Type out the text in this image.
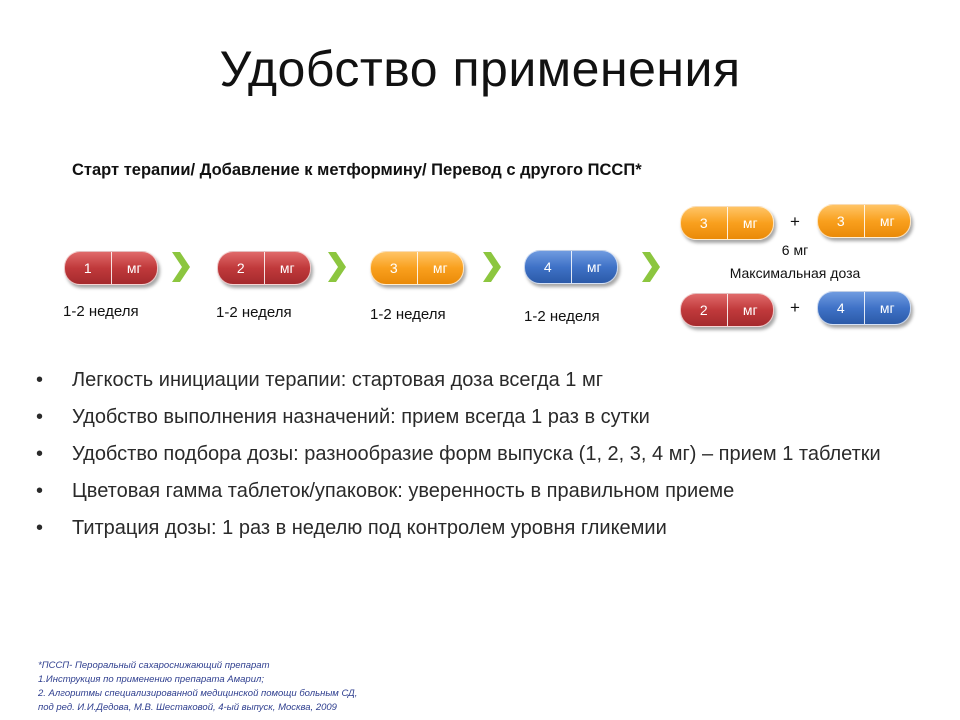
Удобство применения
Старт терапии/ Добавление к метформину/ Перевод с другого ПССП*
1	мг
1-2 неделя
2	мг
1-2 неделя
3	мг
1-2 неделя
4	мг
1-2 неделя
3	мг	+	3	мг
6 мг
Максимальная доза
2	мг	+	4	мг
• Легкость инициации терапии: стартовая доза всегда 1 мг
• Удобство выполнения назначений: прием всегда 1 раз в сутки
• Удобство подбора дозы: разнообразие форм выпуска (1, 2, 3, 4 мг) – прием 1 таблетки
• Цветовая гамма таблеток/упаковок: уверенность в правильном приеме
• Титрация дозы: 1 раз в неделю под контролем уровня гликемии
*ПССП- Пероральный сахароснижающий препарат
1.Инструкция по применению препарата Амарил;
2. Алгоритмы специализированной медицинской помощи больным СД,
под ред. И.И.Дедова, М.В. Шестаковой, 4-ый выпуск, Москва, 2009
